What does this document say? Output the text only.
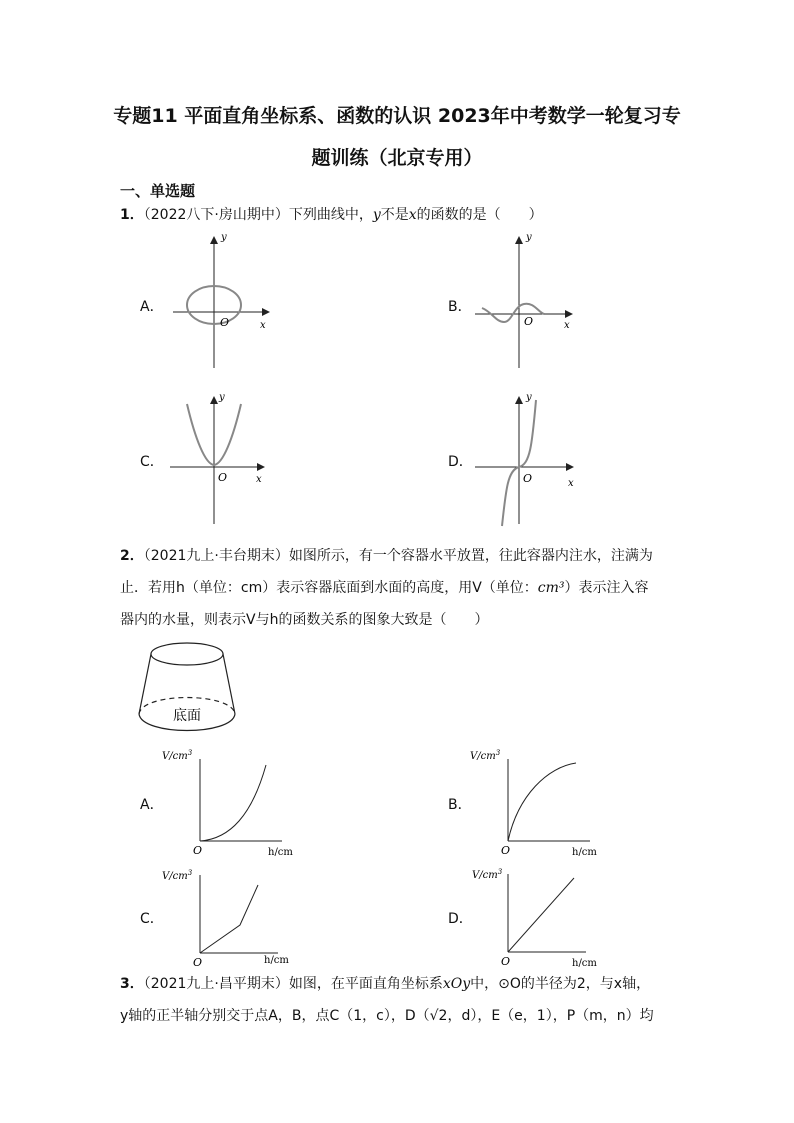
专题11 平面直角坐标系、函数的认识 2023年中考数学一轮复习专
题训练（北京专用）
一、单选题
1．（2022八下·房山期中）下列曲线中，y不是x的函数的是（　　）
A．	B．
C．	D．
y
x
O
y
x
O
y
x
O
y
x
O
2．（2021九上·丰台期末）如图所示，有一个容器水平放置，往此容器内注水，注满为
止．若用h（单位：cm）表示容器底面到水面的高度，用V（单位：cm³）表示注入容
器内的水量，则表示V与h的函数关系的图象大致是（　　）
底面
A．	B．
C．	D．
$V/cm^3$
O	h/cm
$V/cm^3$
O	h/cm
$V/cm^3$
O	h/cm
$V/cm^3$
O	h/cm
3．（2021九上·昌平期末）如图，在平面直角坐标系xOy中，⊙O的半径为2，与x轴，
y轴的正半轴分别交于点A，B，点C（1，c），D（√2，d），E（e，1），P（m，n）均
